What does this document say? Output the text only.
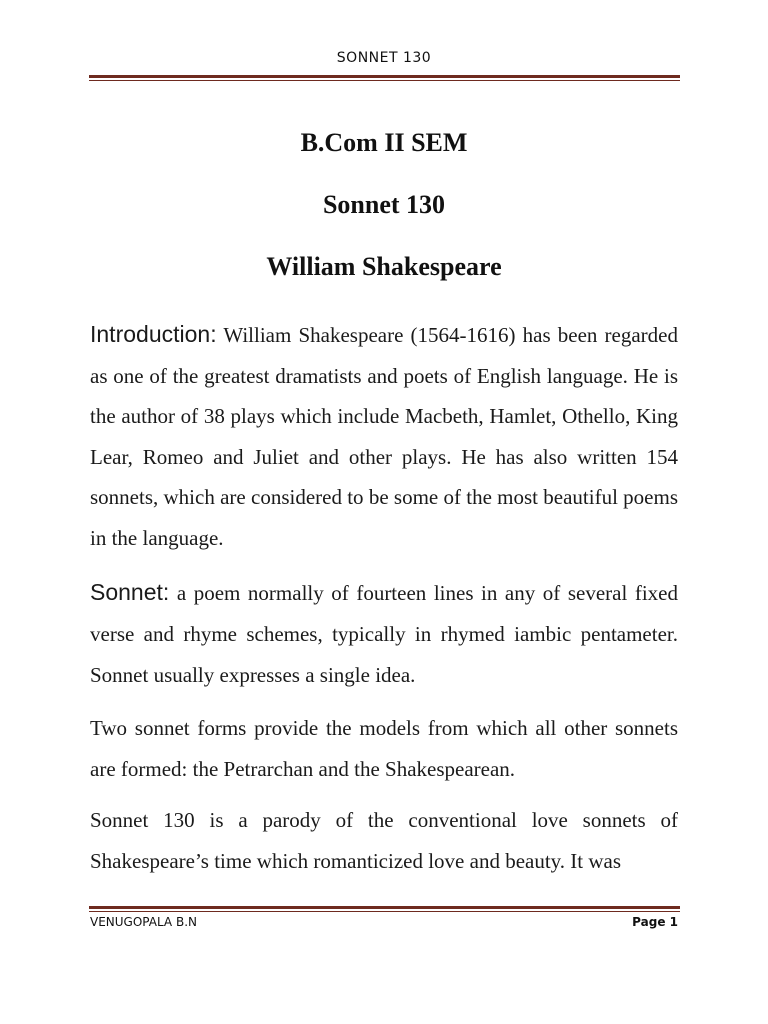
SONNET 130
B.Com II SEM
Sonnet 130
William Shakespeare
Introduction: William Shakespeare (1564-1616) has been regarded as one of the greatest dramatists and poets of English language. He is the author of 38 plays which include Macbeth, Hamlet, Othello, King Lear, Romeo and Juliet and other plays. He has also written 154 sonnets, which are considered to be some of the most beautiful poems in the language.
Sonnet: a poem normally of fourteen lines in any of several fixed verse and rhyme schemes, typically in rhymed iambic pentameter. Sonnet usually expresses a single idea.
Two sonnet forms provide the models from which all other sonnets are formed: the Petrarchan and the Shakespearean.
Sonnet 130 is a parody of the conventional love sonnets of Shakespeare’s time which romanticized love and beauty. It was
VENUGOPALA B.N	Page 1
